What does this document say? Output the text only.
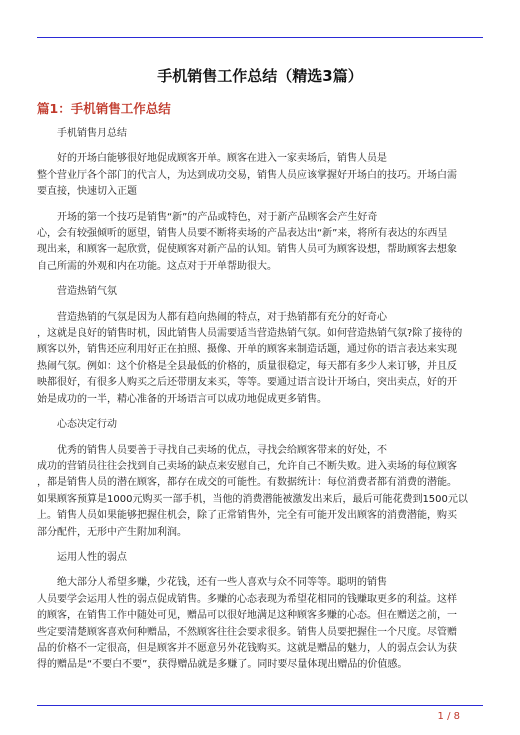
手机销售工作总结（精选3篇）
篇1：手机销售工作总结
手机销售月总结
好的开场白能够很好地促成顾客开单。顾客在进入一家卖场后，销售人员是
整个营业厅各个部门的代言人，为达到成功交易，销售人员应该掌握好开场白的技巧。开场白需
要直接，快速切入正题
开场的第一个技巧是销售“新”的产品或特色，对于新产品顾客会产生好奇
心，会有较强倾听的愿望，销售人员要不断将卖场的产品表达出“新”来，将所有表达的东西呈
现出来，和顾客一起欣赏，促使顾客对新产品的认知。销售人员可为顾客设想，帮助顾客去想象
自己所需的外观和内在功能。这点对于开单帮助很大。
营造热销气氛
营造热销的气氛是因为人都有趋向热闹的特点，对于热销都有充分的好奇心
，这就是良好的销售时机，因此销售人员需要适当营造热销气氛。如何营造热销气氛?除了接待的
顾客以外，销售还应利用好正在拍照、摄像、开单的顾客来制造话题，通过你的语言表达来实现
热闹气氛。例如：这个价格是全县最低的价格的，质量很稳定，每天都有多少人来订够，并且反
映都很好，有很多人购买之后还带朋友来买，等等。要通过语言设计开场白，突出卖点，好的开
始是成功的一半，精心准备的开场语言可以成功地促成更多销售。
心态决定行动
优秀的销售人员要善于寻找自己卖场的优点，寻找会给顾客带来的好处，不
成功的营销员往往会找到自己卖场的缺点来安慰自己，允许自己不断失败。进入卖场的每位顾客
，都是销售人员的潜在顾客，都存在成交的可能性。有数据统计：每位消费者都有消费的潜能。
如果顾客预算是1000元购买一部手机，当他的消费潜能被激发出来后，最后可能花费到1500元以
上。销售人员如果能够把握住机会，除了正常销售外，完全有可能开发出顾客的消费潜能，购买
部分配件，无形中产生附加利润。
运用人性的弱点
绝大部分人希望多赚，少花钱，还有一些人喜欢与众不同等等。聪明的销售
人员要学会运用人性的弱点促成销售。多赚的心态表现为希望花相同的钱赚取更多的利益。这样
的顾客，在销售工作中随处可见，赠品可以很好地满足这种顾客多赚的心态。但在赠送之前，一
些定要清楚顾客喜欢何种赠品，不然顾客往往会要求很多。销售人员要把握住一个尺度。尽管赠
品的价格不一定很高，但是顾客并不愿意另外花钱购买。这就是赠品的魅力，人的弱点会认为获
得的赠品是“不要白不要”，获得赠品就是多赚了。同时要尽量体现出赠品的价值感。
1 / 8
